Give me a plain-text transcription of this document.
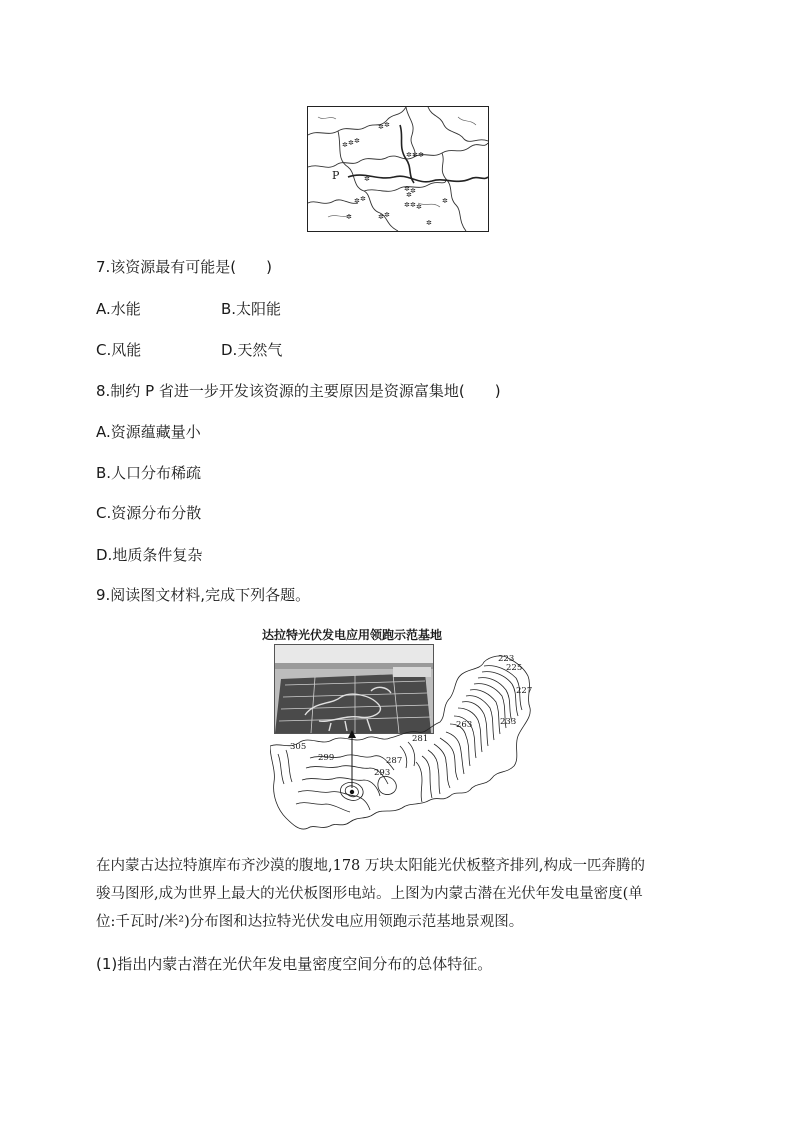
✲ ✲ ✲
✲ ✲
✲
✲ ✲ ✲
✲ ✲
✲
✲ ✲
✲	✲ ✲
✲ ✲ ✲
✲
✲
P
7.该资源最有可能是(　　)
A.水能	B.太阳能
C.风能	D.天然气
8.制约 P 省进一步开发该资源的主要原因是资源富集地(　　)
A.资源蕴藏量小
B.人口分布稀疏
C.资源分布分散
D.地质条件复杂
9.阅读图文材料,完成下列各题。
达拉特光伏发电应用领跑示范基地
223
225
227
233
263
281
305
299
293
287
在内蒙古达拉特旗库布齐沙漠的腹地,178 万块太阳能光伏板整齐排列,构成一匹奔腾的
骏马图形,成为世界上最大的光伏板图形电站。上图为内蒙古潜在光伏年发电量密度(单
位:千瓦时/米²)分布图和达拉特光伏发电应用领跑示范基地景观图。
(1)指出内蒙古潜在光伏年发电量密度空间分布的总体特征。
